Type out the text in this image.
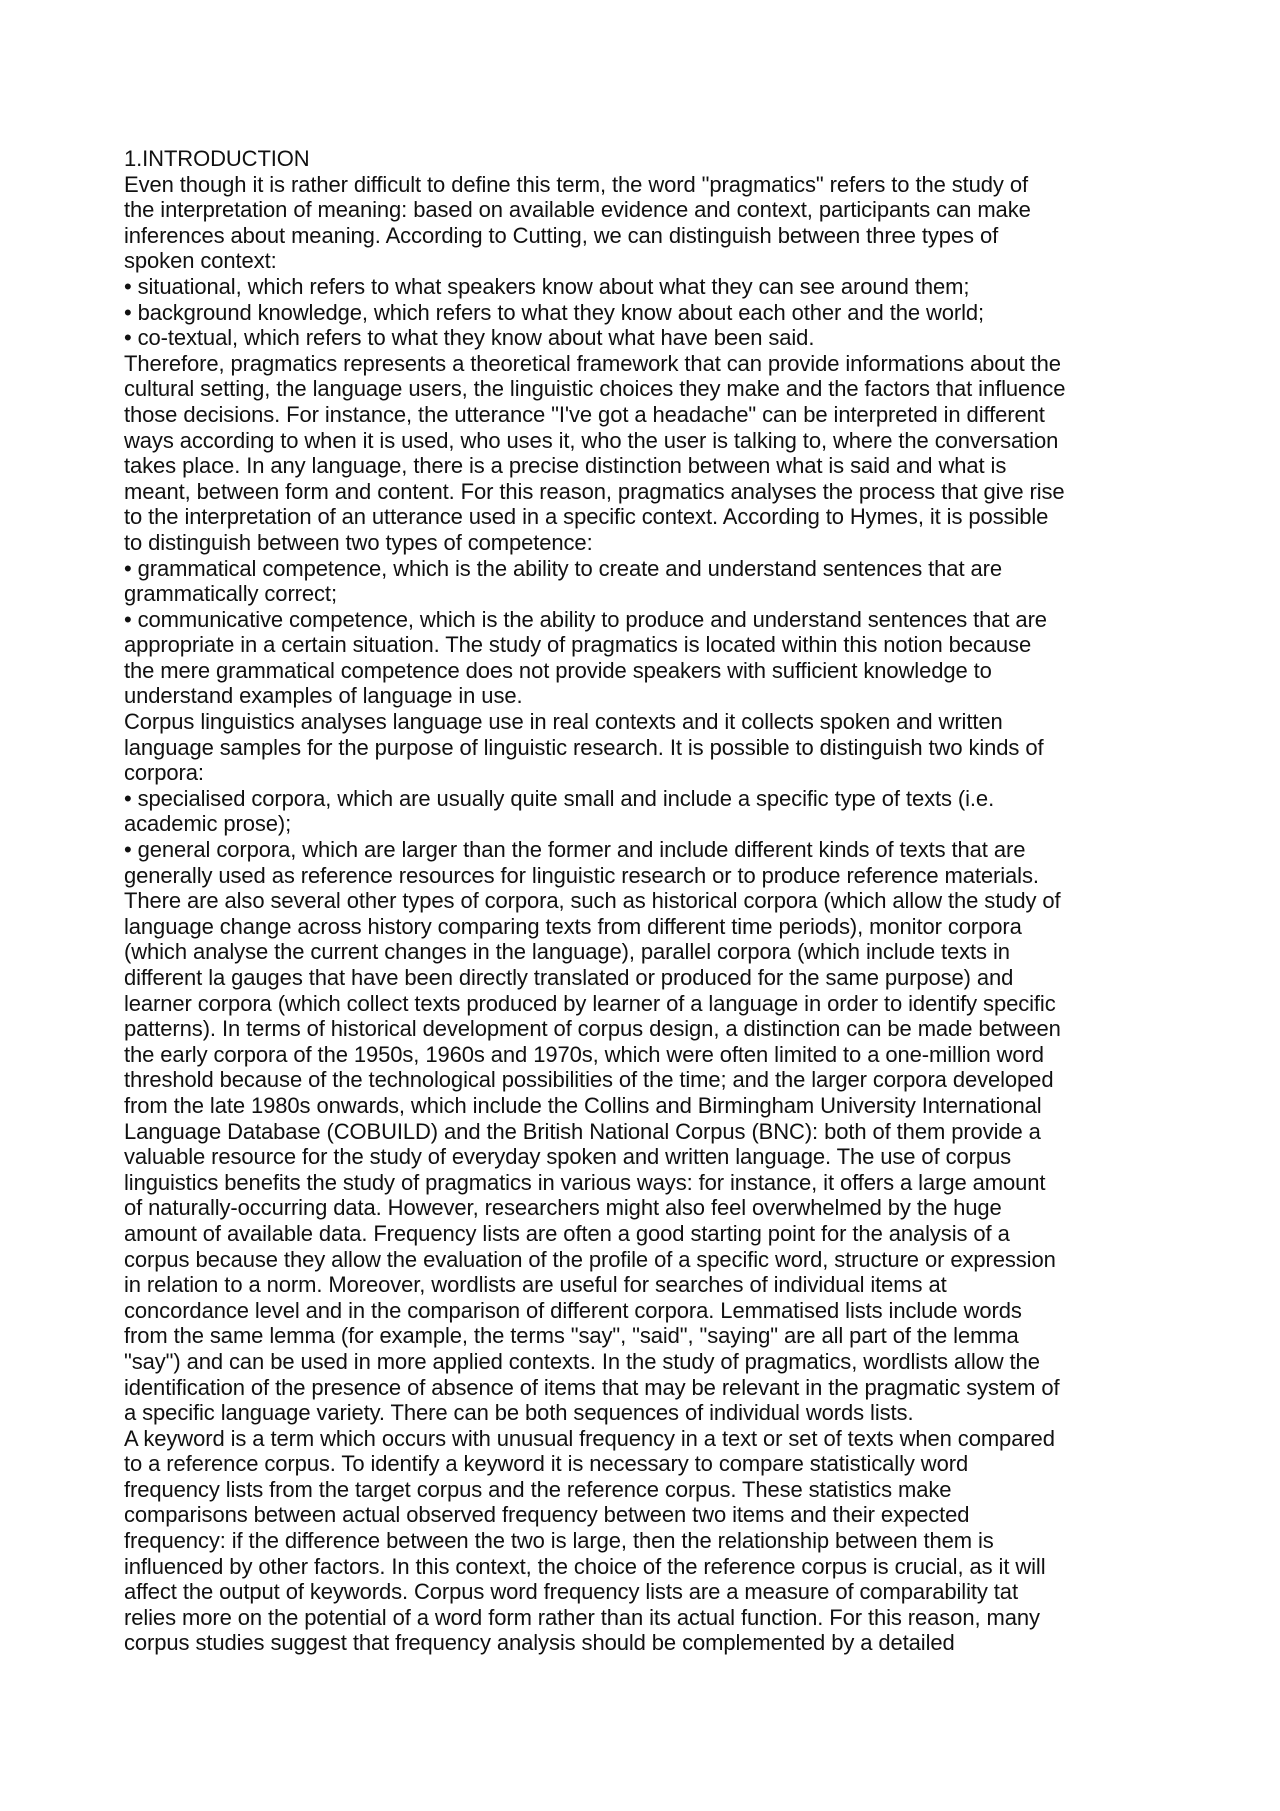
1.INTRODUCTION

Even though it is rather difficult to define this term, the word "pragmatics" refers to the study of

the interpretation of meaning: based on available evidence and context, participants can make

inferences about meaning. According to Cutting, we can distinguish between three types of

spoken context:

• situational, which refers to what speakers know about what they can see around them;

• background knowledge, which refers to what they know about each other and the world;

• co-textual, which refers to what they know about what have been said.

Therefore, pragmatics represents a theoretical framework that can provide informations about the

cultural setting, the language users, the linguistic choices they make and the factors that influence

those decisions. For instance, the utterance "I've got a headache" can be interpreted in different

ways according to when it is used, who uses it, who the user is talking to, where the conversation

takes place. In any language, there is a precise distinction between what is said and what is

meant, between form and content. For this reason, pragmatics analyses the process that give rise

to the interpretation of an utterance used in a specific context. According to Hymes, it is possible

to distinguish between two types of competence:

• grammatical competence, which is the ability to create and understand sentences that are

grammatically correct;

• communicative competence, which is the ability to produce and understand sentences that are

appropriate in a certain situation. The study of pragmatics is located within this notion because

the mere grammatical competence does not provide speakers with sufficient knowledge to

understand examples of language in use.

Corpus linguistics analyses language use in real contexts and it collects spoken and written

language samples for the purpose of linguistic research. It is possible to distinguish two kinds of

corpora:

• specialised corpora, which are usually quite small and include a specific type of texts (i.e.

academic prose);

• general corpora, which are larger than the former and include different kinds of texts that are

generally used as reference resources for linguistic research or to produce reference materials.

There are also several other types of corpora, such as historical corpora (which allow the study of

language change across history comparing texts from different time periods), monitor corpora

(which analyse the current changes in the language), parallel corpora (which include texts in

different la gauges that have been directly translated or produced for the same purpose) and

learner corpora (which collect texts produced by learner of a language in order to identify specific

patterns). In terms of historical development of corpus design, a distinction can be made between

the early corpora of the 1950s, 1960s and 1970s, which were often limited to a one-million word

threshold because of the technological possibilities of the time; and the larger corpora developed

from the late 1980s onwards, which include the Collins and Birmingham University International

Language Database (COBUILD) and the British National Corpus (BNC): both of them provide a

valuable resource for the study of everyday spoken and written language. The use of corpus

linguistics benefits the study of pragmatics in various ways: for instance, it offers a large amount

of naturally-occurring data. However, researchers might also feel overwhelmed by the huge

amount of available data. Frequency lists are often a good starting point for the analysis of a

corpus because they allow the evaluation of the profile of a specific word, structure or expression

in relation to a norm. Moreover, wordlists are useful for searches of individual items at

concordance level and in the comparison of different corpora. Lemmatised lists include words

from the same lemma (for example, the terms "say", "said", "saying" are all part of the lemma

"say") and can be used in more applied contexts. In the study of pragmatics, wordlists allow the

identification of the presence of absence of items that may be relevant in the pragmatic system of

a specific language variety. There can be both sequences of individual words lists.

A keyword is a term which occurs with unusual frequency in a text or set of texts when compared

to a reference corpus. To identify a keyword it is necessary to compare statistically word

frequency lists from the target corpus and the reference corpus. These statistics make

comparisons between actual observed frequency between two items and their expected

frequency: if the difference between the two is large, then the relationship between them is

influenced by other factors. In this context, the choice of the reference corpus is crucial, as it will

affect the output of keywords. Corpus word frequency lists are a measure of comparability tat

relies more on the potential of a word form rather than its actual function. For this reason, many

corpus studies suggest that frequency analysis should be complemented by a detailed
